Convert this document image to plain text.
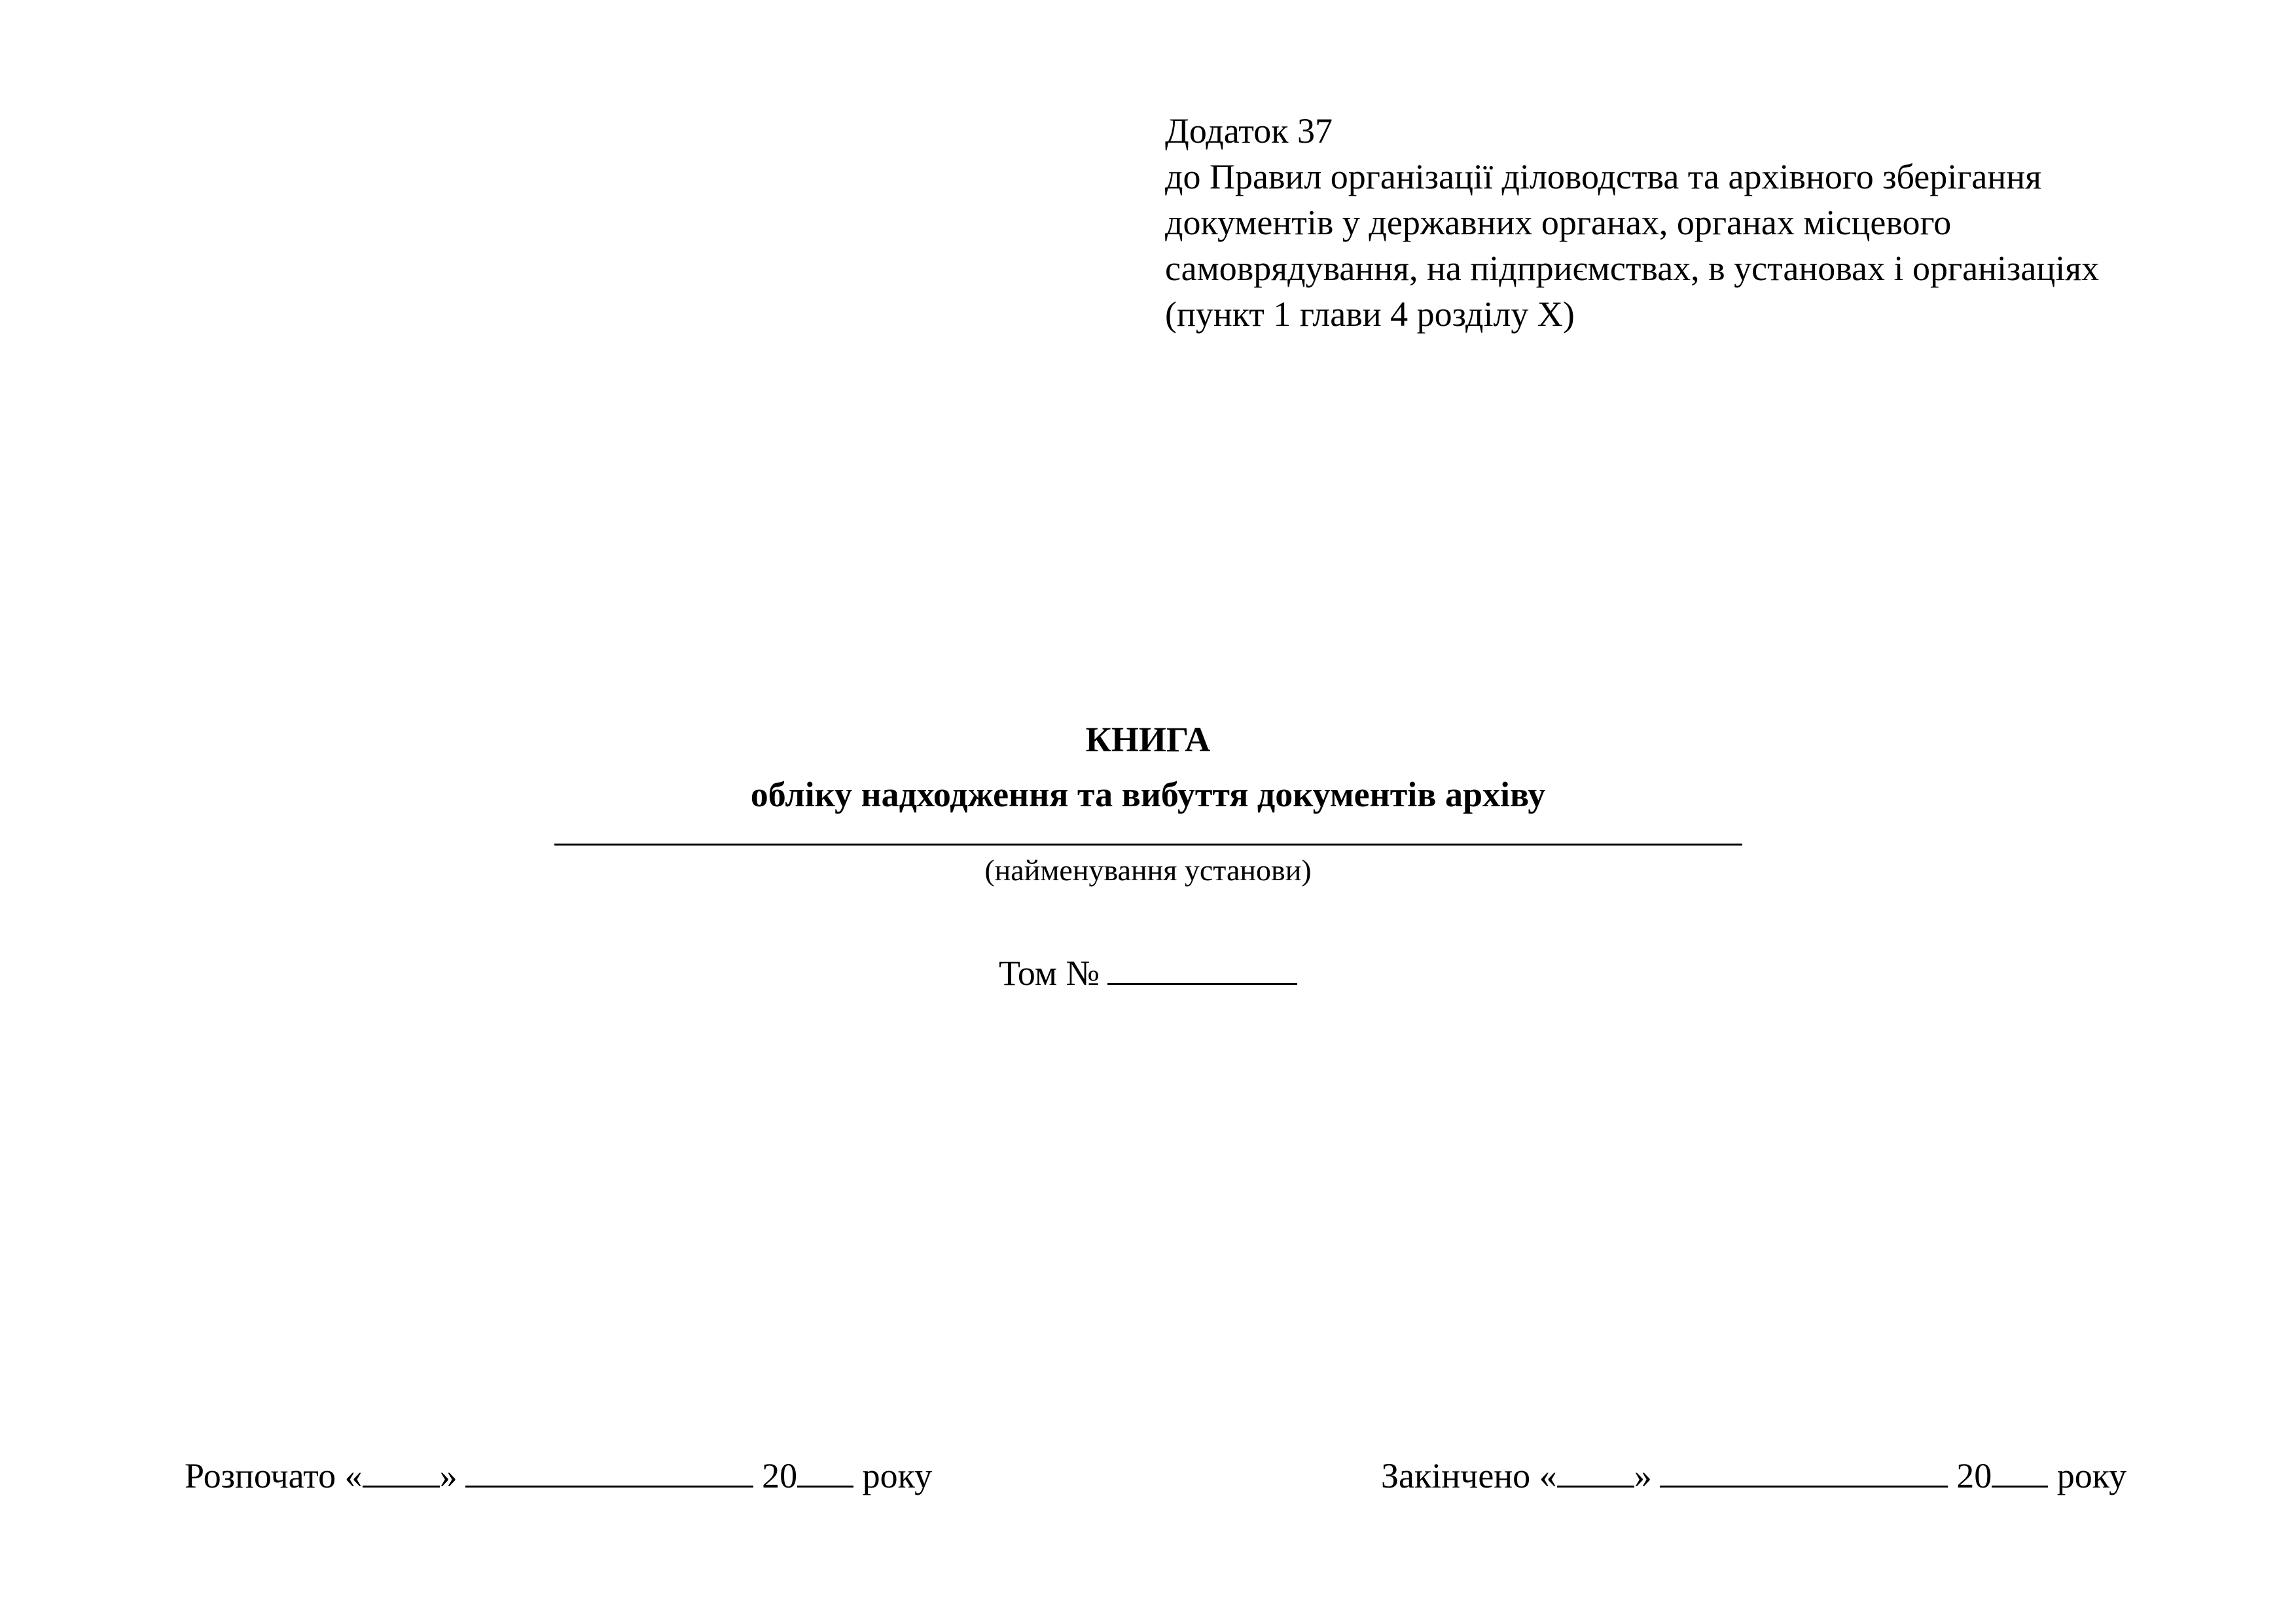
Додаток 37
до Правил організації діловодства та архівного зберігання
документів у державних органах, органах місцевого
самоврядування, на підприємствах, в установах і організаціях
(пункт 1 глави 4 розділу X)
КНИГА
обліку надходження та вибуття документів архіву
(найменування установи)
Том №
Розпочато « »	20 року	Закінчено « »	20 року
